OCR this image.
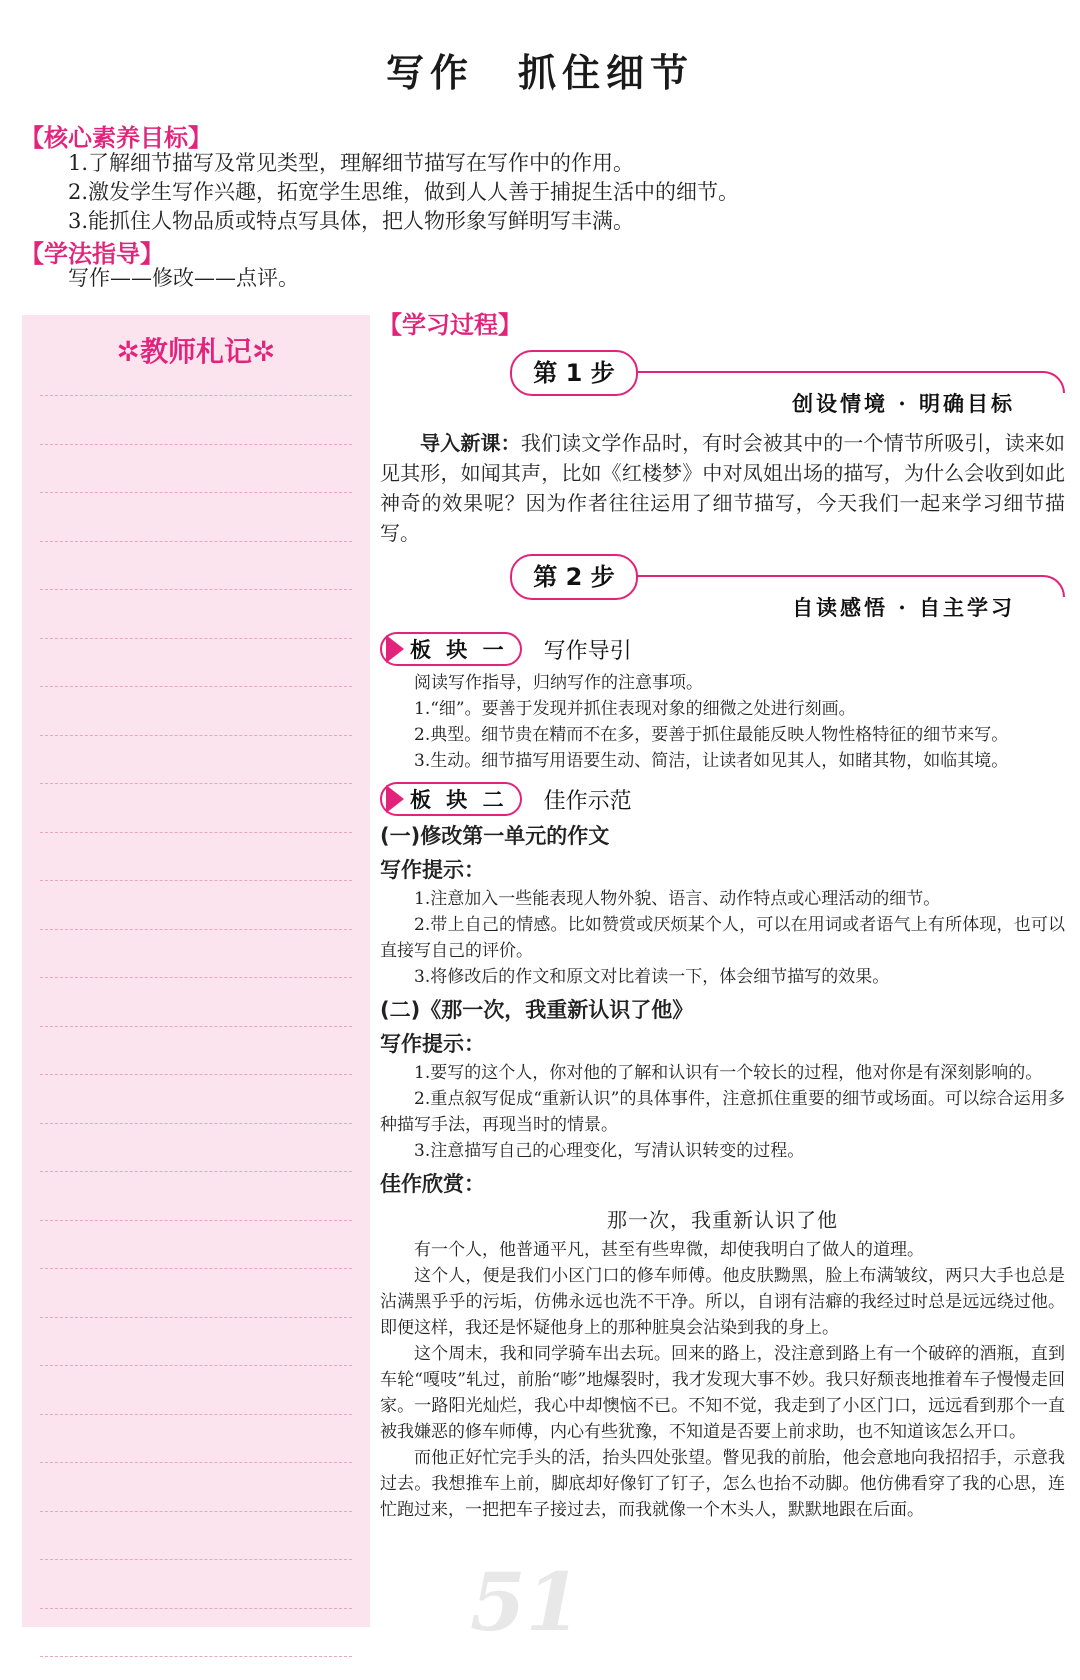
写作　抓住细节
【核心素养目标】
1.了解细节描写及常见类型，理解细节描写在写作中的作用。
2.激发学生写作兴趣，拓宽学生思维，做到人人善于捕捉生活中的细节。
3.能抓住人物品质或特点写具体，把人物形象写鲜明写丰满。
【学法指导】
写作——修改——点评。
✲教师札记✲
【学习过程】
第 1 步
创设情境 · 明确目标

导入新课：我们读文学作品时，有时会被其中的一个情节所吸引，读来如见其形，如闻其声，比如《红楼梦》中对凤姐出场的描写，为什么会收到如此神奇的效果呢？因为作者往往运用了细节描写，今天我们一起来学习细节描写。

第 2 步
自读感悟 · 自主学习
板 块 一 写作导引

阅读写作指导，归纳写作的注意事项。

1.“细”。要善于发现并抓住表现对象的细微之处进行刻画。

2.典型。细节贵在精而不在多，要善于抓住最能反映人物性格特征的细节来写。

3.生动。细节描写用语要生动、简洁，让读者如见其人，如睹其物，如临其境。

板 块 二 佳作示范
(一)修改第一单元的作文
写作提示：

1.注意加入一些能表现人物外貌、语言、动作特点或心理活动的细节。

2.带上自己的情感。比如赞赏或厌烦某个人，可以在用词或者语气上有所体现，也可以直接写自己的评价。

3.将修改后的作文和原文对比着读一下，体会细节描写的效果。

(二)《那一次，我重新认识了他》
写作提示：

1.要写的这个人，你对他的了解和认识有一个较长的过程，他对你是有深刻影响的。

2.重点叙写促成“重新认识”的具体事件，注意抓住重要的细节或场面。可以综合运用多种描写手法，再现当时的情景。

3.注意描写自己的心理变化，写清认识转变的过程。

佳作欣赏：
那一次，我重新认识了他

有一个人，他普通平凡，甚至有些卑微，却使我明白了做人的道理。

这个人，便是我们小区门口的修车师傅。他皮肤黝黑，脸上布满皱纹，两只大手也总是沾满黑乎乎的污垢，仿佛永远也洗不干净。所以，自诩有洁癖的我经过时总是远远绕过他。即便这样，我还是怀疑他身上的那种脏臭会沾染到我的身上。

这个周末，我和同学骑车出去玩。回来的路上，没注意到路上有一个破碎的酒瓶，直到车轮“嘎吱”轧过，前胎“嘭”地爆裂时，我才发现大事不妙。我只好颓丧地推着车子慢慢走回家。一路阳光灿烂，我心中却懊恼不已。不知不觉，我走到了小区门口，远远看到那个一直被我嫌恶的修车师傅，内心有些犹豫，不知道是否要上前求助，也不知道该怎么开口。

而他正好忙完手头的活，抬头四处张望。瞥见我的前胎，他会意地向我招招手，示意我过去。我想推车上前，脚底却好像钉了钉子，怎么也抬不动脚。他仿佛看穿了我的心思，连忙跑过来，一把把车子接过去，而我就像一个木头人，默默地跟在后面。

51
